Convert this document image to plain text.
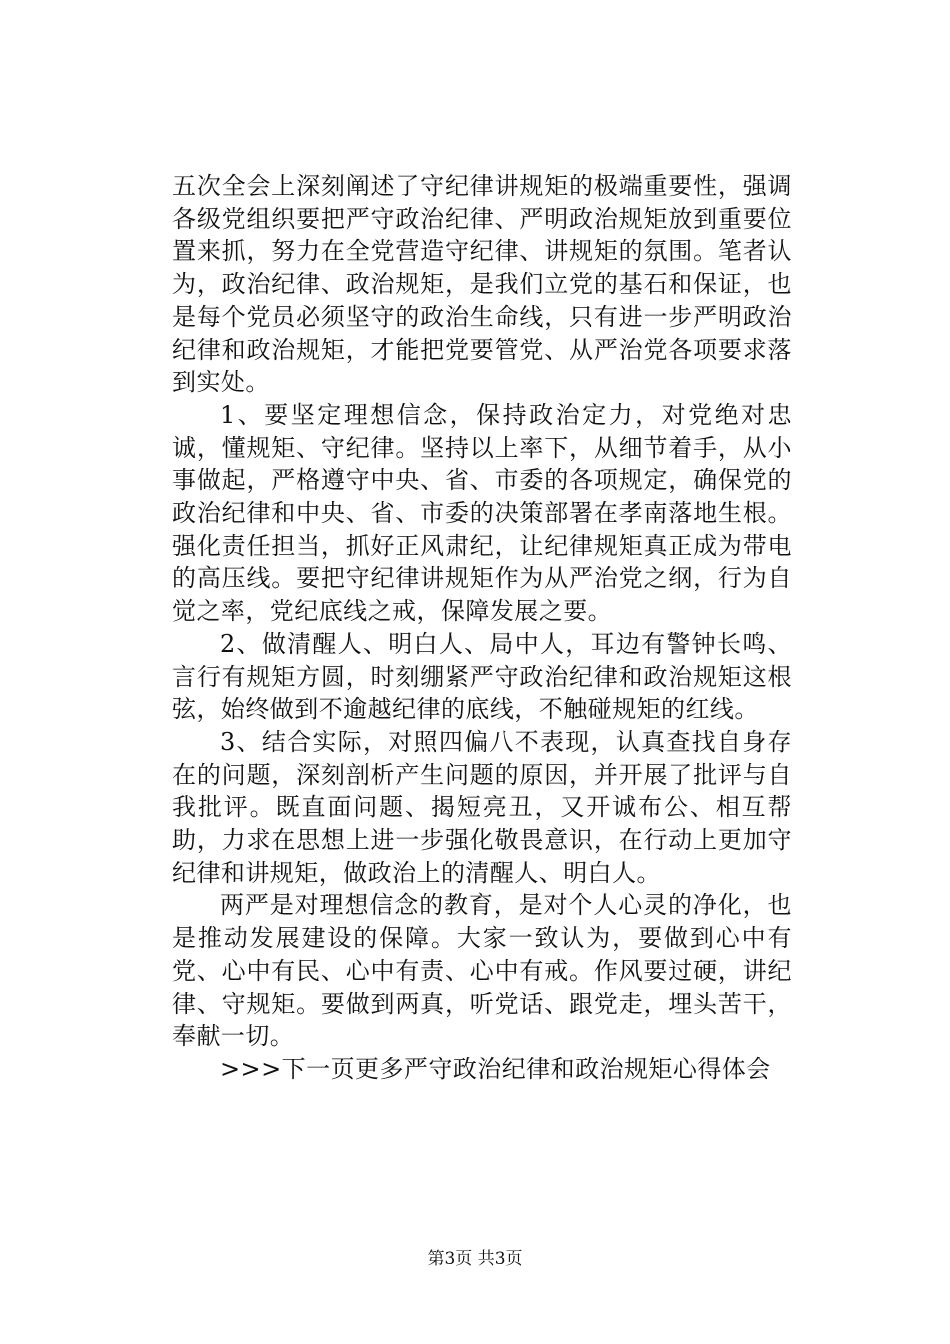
五次全会上深刻阐述了守纪律讲规矩的极端重要性，强调各级党组织要把严守政治纪律、严明政治规矩放到重要位置来抓，努力在全党营造守纪律、讲规矩的氛围。笔者认为，政治纪律、政治规矩，是我们立党的基石和保证，也是每个党员必须坚守的政治生命线，只有进一步严明政治纪律和政治规矩，才能把党要管党、从严治党各项要求落到实处。

1、要坚定理想信念，保持政治定力，对党绝对忠诚，懂规矩、守纪律。坚持以上率下，从细节着手，从小事做起，严格遵守中央、省、市委的各项规定，确保党的政治纪律和中央、省、市委的决策部署在孝南落地生根。强化责任担当，抓好正风肃纪，让纪律规矩真正成为带电的高压线。要把守纪律讲规矩作为从严治党之纲，行为自觉之率，党纪底线之戒，保障发展之要。

2、做清醒人、明白人、局中人，耳边有警钟长鸣、言行有规矩方圆，时刻绷紧严守政治纪律和政治规矩这根弦，始终做到不逾越纪律的底线，不触碰规矩的红线。

3、结合实际，对照四偏八不表现，认真查找自身存在的问题，深刻剖析产生问题的原因，并开展了批评与自我批评。既直面问题、揭短亮丑，又开诚布公、相互帮助，力求在思想上进一步强化敬畏意识，在行动上更加守纪律和讲规矩，做政治上的清醒人、明白人。

两严是对理想信念的教育，是对个人心灵的净化，也是推动发展建设的保障。大家一致认为，要做到心中有党、心中有民、心中有责、心中有戒。作风要过硬，讲纪律、守规矩。要做到两真，听党话、跟党走，埋头苦干，奉献一切。

>>>下一页更多严守政治纪律和政治规矩心得体会

第3页 共3页
